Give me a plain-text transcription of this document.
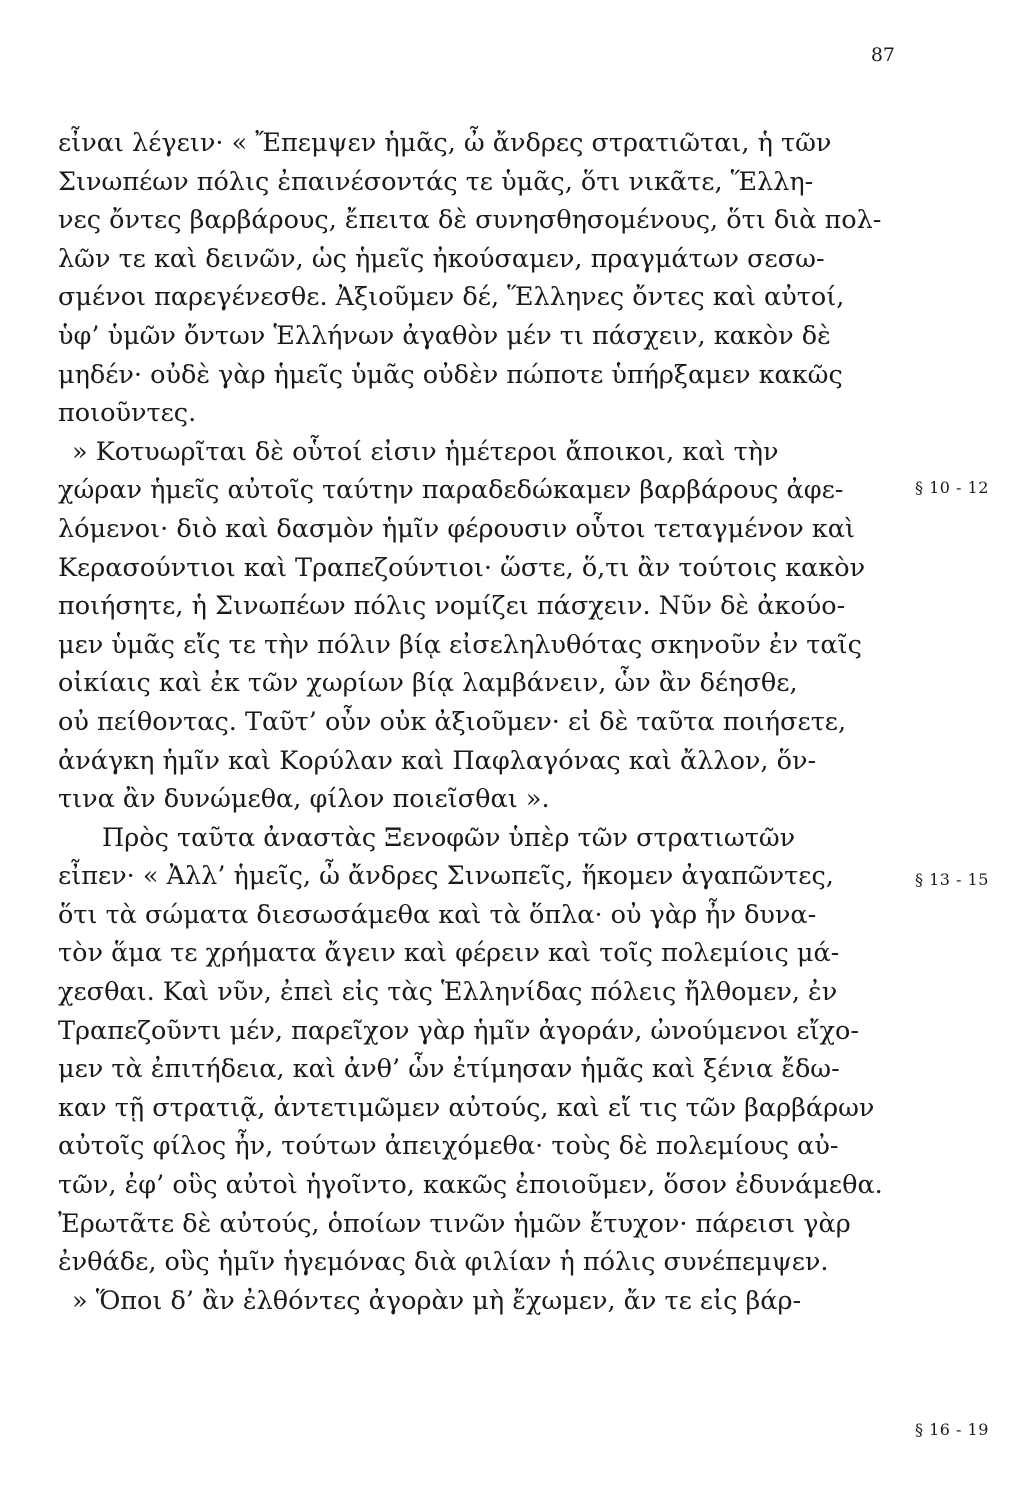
87
εἶναι λέγειν· « Ἔπεμψεν ἡμᾶς, ὦ ἄνδρες στρατιῶται, ἡ τῶν
Σινωπέων πόλις ἐπαινέσοντάς τε ὑμᾶς, ὅτι νικᾶτε, Ἕλλη-
νες ὄντες βαρβάρους, ἔπειτα δὲ συνησθησομένους, ὅτι διὰ πολ-
λῶν τε καὶ δεινῶν, ὡς ἡμεῖς ἠκούσαμεν, πραγμάτων σεσω-
σμένοι παρεγένεσθε. Ἀξιοῦμεν δέ, Ἕλληνες ὄντες καὶ αὐτοί,
ὑφ’ ὑμῶν ὄντων Ἑλλήνων ἀγαθὸν μέν τι πάσχειν, κακὸν δὲ
μηδέν· οὐδὲ γὰρ ἡμεῖς ὑμᾶς οὐδὲν πώποτε ὑπήρξαμεν κακῶς
ποιοῦντες.
» Κοτυωρῖται δὲ οὗτοί εἰσιν ἡμέτεροι ἄποικοι, καὶ τὴν
χώραν ἡμεῖς αὐτοῖς ταύτην παραδεδώκαμεν βαρβάρους ἀφε-
λόμενοι· διὸ καὶ δασμὸν ἡμῖν φέρουσιν οὗτοι τεταγμένον καὶ
Κερασούντιοι καὶ Τραπεζούντιοι· ὥστε, ὅ,τι ἂν τούτοις κακὸν
ποιήσητε, ἡ Σινωπέων πόλις νομίζει πάσχειν. Νῦν δὲ ἀκούο-
μεν ὑμᾶς εἴς τε τὴν πόλιν βίᾳ εἰσεληλυθότας σκηνοῦν ἐν ταῖς
οἰκίαις καὶ ἐκ τῶν χωρίων βίᾳ λαμβάνειν, ὧν ἂν δέησθε,
οὐ πείθοντας. Ταῦτ’ οὖν οὐκ ἀξιοῦμεν· εἰ δὲ ταῦτα ποιήσετε,
ἀνάγκη ἡμῖν καὶ Κορύλαν καὶ Παφλαγόνας καὶ ἄλλον, ὅν-
τινα ἂν δυνώμεθα, φίλον ποιεῖσθαι ».
Πρὸς ταῦτα ἀναστὰς Ξενοφῶν ὑπὲρ τῶν στρατιωτῶν
εἶπεν· « Ἀλλ’ ἡμεῖς, ὦ ἄνδρες Σινωπεῖς, ἥκομεν ἀγαπῶντες,
ὅτι τὰ σώματα διεσωσάμεθα καὶ τὰ ὅπλα· οὐ γὰρ ἦν δυνα-
τὸν ἅμα τε χρήματα ἄγειν καὶ φέρειν καὶ τοῖς πολεμίοις μά-
χεσθαι. Καὶ νῦν, ἐπεὶ εἰς τὰς Ἑλληνίδας πόλεις ἤλθομεν, ἐν
Τραπεζοῦντι μέν, παρεῖχον γὰρ ἡμῖν ἀγοράν, ὠνούμενοι εἴχο-
μεν τὰ ἐπιτήδεια, καὶ ἀνθ’ ὧν ἐτίμησαν ἡμᾶς καὶ ξένια ἔδω-
καν τῇ στρατιᾷ, ἀντετιμῶμεν αὐτούς, καὶ εἴ τις τῶν βαρβάρων
αὐτοῖς φίλος ἦν, τούτων ἀπειχόμεθα· τοὺς δὲ πολεμίους αὐ-
τῶν, ἐφ’ οὓς αὐτοὶ ἡγοῖντο, κακῶς ἐποιοῦμεν, ὅσον ἐδυνάμεθα.
Ἐρωτᾶτε δὲ αὐτούς, ὁποίων τινῶν ἡμῶν ἔτυχον· πάρεισι γὰρ
ἐνθάδε, οὓς ἡμῖν ἡγεμόνας διὰ φιλίαν ἡ πόλις συνέπεμψεν.
» Ὅποι δ’ ἂν ἐλθόντες ἀγορὰν μὴ ἔχωμεν, ἄν τε εἰς βάρ-
§ 10 - 12
§ 13 - 15
§ 16 - 19
